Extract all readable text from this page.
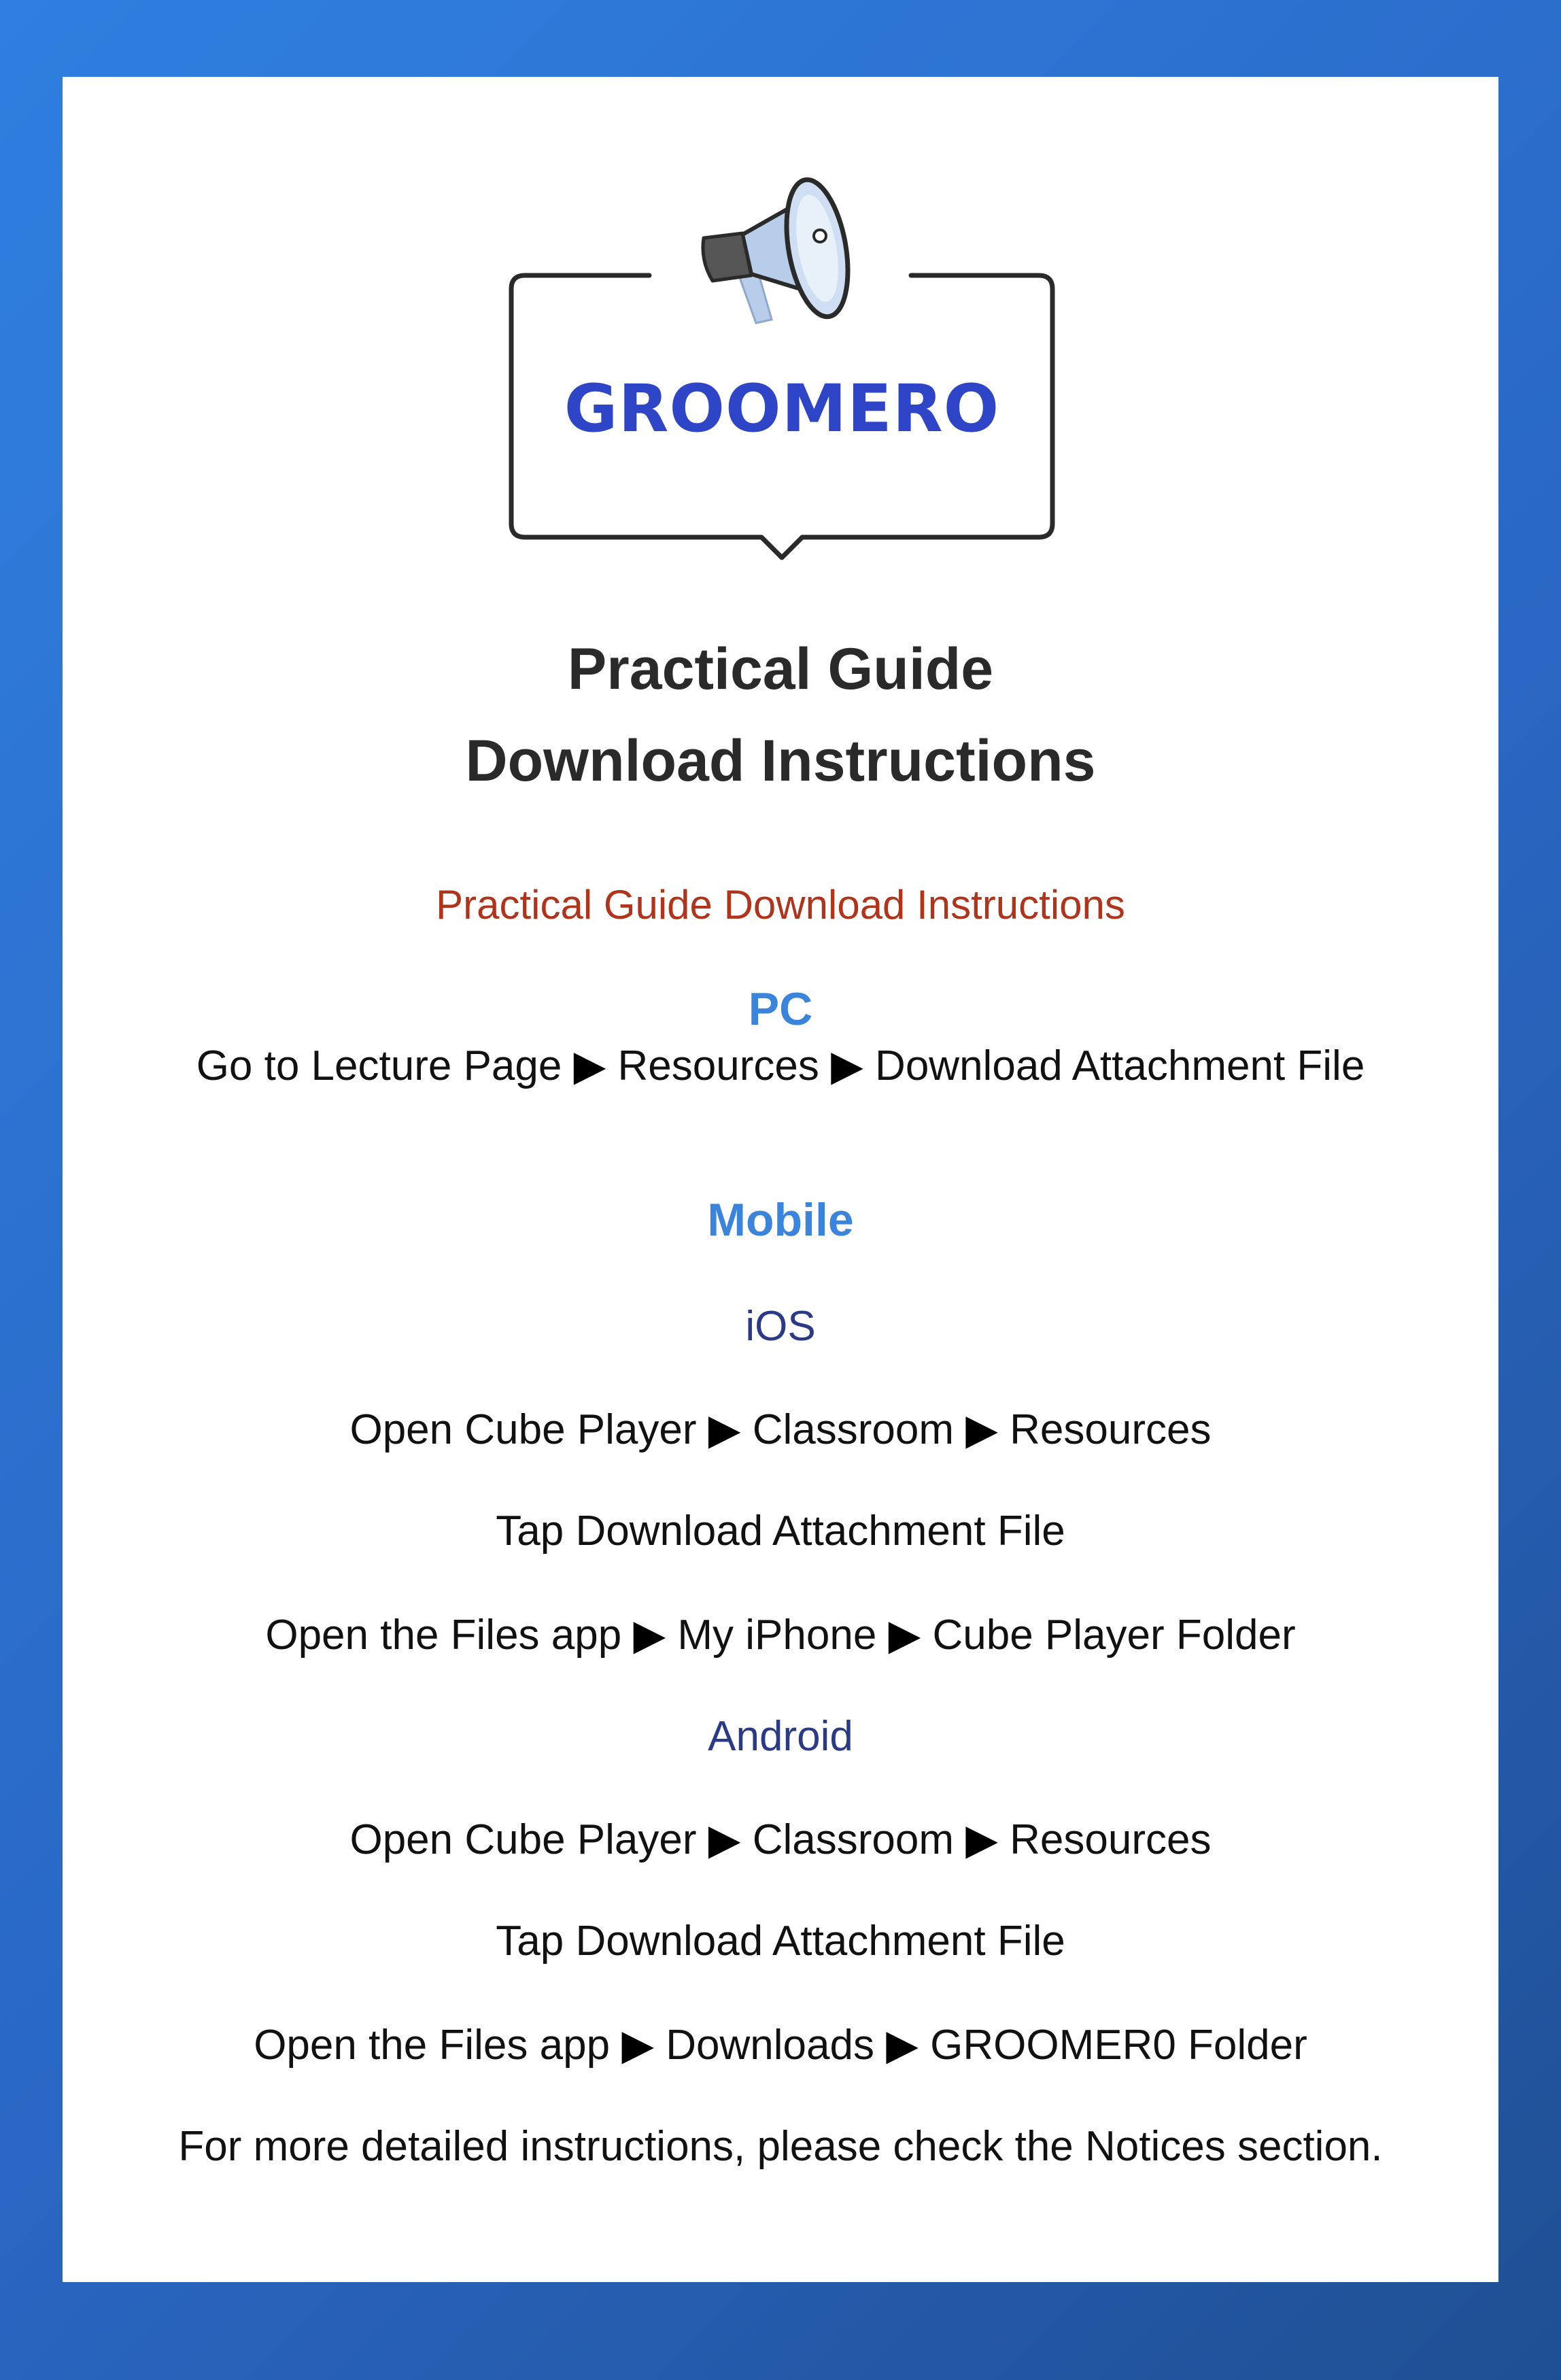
GROOMERO
Practical Guide
Download Instructions
Practical Guide Download Instructions
PC
Go to Lecture Page ▶ Resources ▶ Download Attachment File
Mobile
iOS
Open Cube Player ▶ Classroom ▶ Resources
Tap Download Attachment File
Open the Files app ▶ My iPhone ▶ Cube Player Folder
Android
Open Cube Player ▶ Classroom ▶ Resources
Tap Download Attachment File
Open the Files app ▶ Downloads ▶ GROOMER0 Folder
For more detailed instructions, please check the Notices section.
